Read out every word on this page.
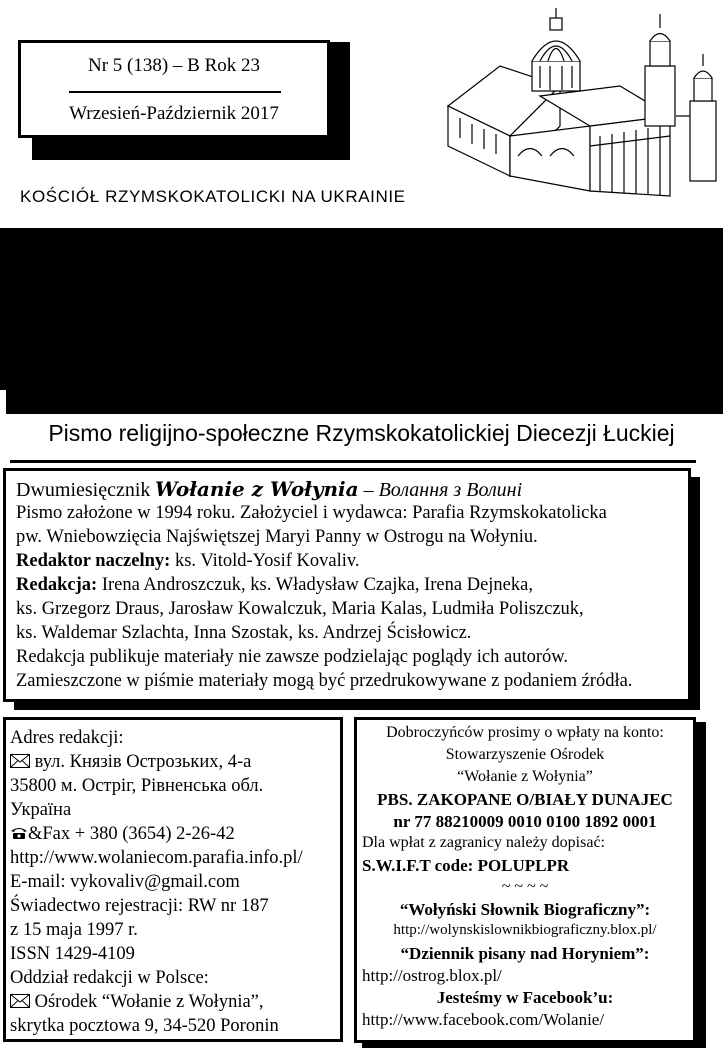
Nr 5 (138) – B Rok 23
Wrzesień-Październik 2017
KOŚCIÓŁ RZYMSKOKATOLICKI NA UKRAINIE
Pismo religijno-społeczne Rzymskokatolickiej Diecezji Łuckiej
Dwumiesięcznik Wołanie z Wołynia – Волання з Волині
Pismo założone w 1994 roku. Założyciel i wydawca: Parafia Rzymskokatolicka
pw. Wniebowzięcia Najświętszej Maryi Panny w Ostrogu na Wołyniu.
Redaktor naczelny: ks. Vitold-Yosif Kovaliv.
Redakcja: Irena Androszczuk, ks. Władysław Czajka, Irena Dejneka,
ks. Grzegorz Draus, Jarosław Kowalczuk, Maria Kalas, Ludmiła Poliszczuk,
ks. Waldemar Szlachta, Inna Szostak, ks. Andrzej Ścisłowicz.
Redakcja publikuje materiały nie zawsze podzielając poglądy ich autorów.
Zamieszczone w piśmie materiały mogą być przedrukowywane z podaniem źródła.
Adres redakcji:
вул. Князів Острозьких, 4-а
35800 м. Острiг, Рiвненська обл.
Україна
&Fax + 380 (3654) 2-26-42
http://www.wolaniecom.parafia.info.pl/
E-mail: vykovaliv@gmail.com
Świadectwo rejestracji: RW nr 187
z 15 maja 1997 r.
ISSN 1429-4109
Oddział redakcji w Polsce:
Ośrodek “Wołanie z Wołynia”,
skrytka pocztowa 9, 34-520 Poronin
Dobroczyńców prosimy o wpłaty na konto:
Stowarzyszenie Ośrodek
“Wołanie z Wołynia”
PBS. ZAKOPANE O/BIAŁY DUNAJEC
nr 77 88210009 0010 0100 1892 0001
Dla wpłat z zagranicy należy dopisać:
S.W.I.F.T code: POLUPLPR
~ ~ ~ ~
“Wołyński Słownik Biograficzny”:
http://wolynskislownikbiograficzny.blox.pl/
“Dziennik pisany nad Horyniem”:
http://ostrog.blox.pl/
Jesteśmy w Facebook’u:
http://www.facebook.com/Wolanie/
